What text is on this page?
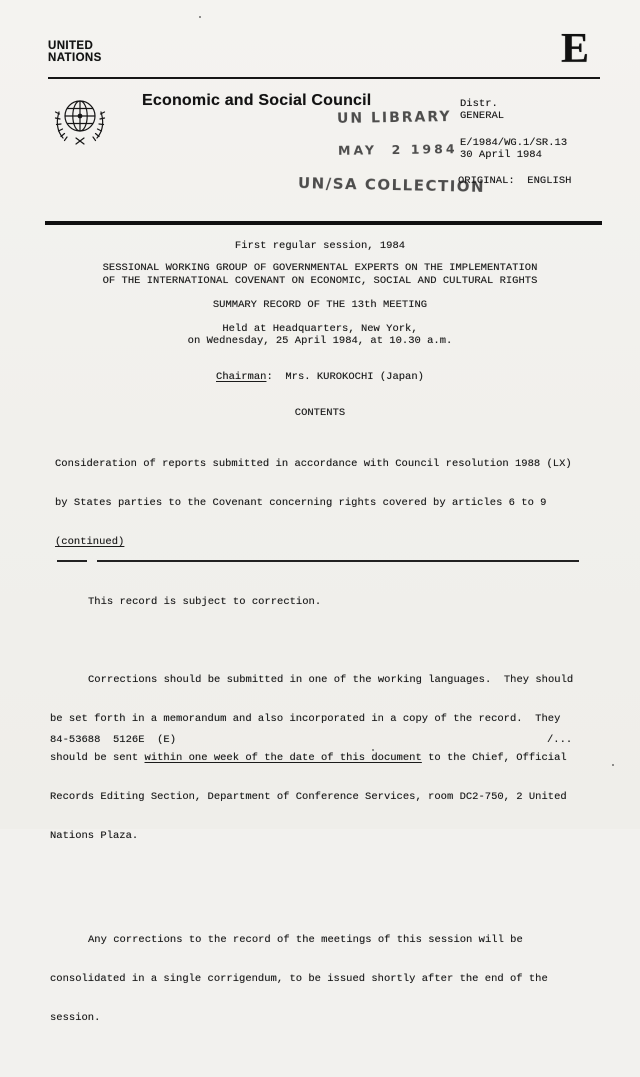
UNITED
NATIONS	E
Economic and Social Council
UN LIBRARY
MAY  2 1984
UN/SA COLLECTION
Distr.
GENERAL
E/1984/WG.1/SR.13
30 April 1984
ORIGINAL:  ENGLISH
First regular session, 1984
SESSIONAL WORKING GROUP OF GOVERNMENTAL EXPERTS ON THE IMPLEMENTATION
OF THE INTERNATIONAL COVENANT ON ECONOMIC, SOCIAL AND CULTURAL RIGHTS
SUMMARY RECORD OF THE 13th MEETING
Held at Headquarters, New York,
on Wednesday, 25 April 1984, at 10.30 a.m.
Chairman:  Mrs. KUROKOCHI (Japan)
CONTENTS

Consideration of reports submitted in accordance with Council resolution 1988 (LX)

by States parties to the Covenant concerning rights covered by articles 6 to 9

(continued)

This record is subject to correction.

Corrections should be submitted in one of the working languages.  They should

be set forth in a memorandum and also incorporated in a copy of the record.  They

should be sent within one week of the date of this document to the Chief, Official

Records Editing Section, Department of Conference Services, room DC2-750, 2 United

Nations Plaza.

Any corrections to the record of the meetings of this session will be

consolidated in a single corrigendum, to be issued shortly after the end of the

session.

84-53688  5126E  (E)	/...
